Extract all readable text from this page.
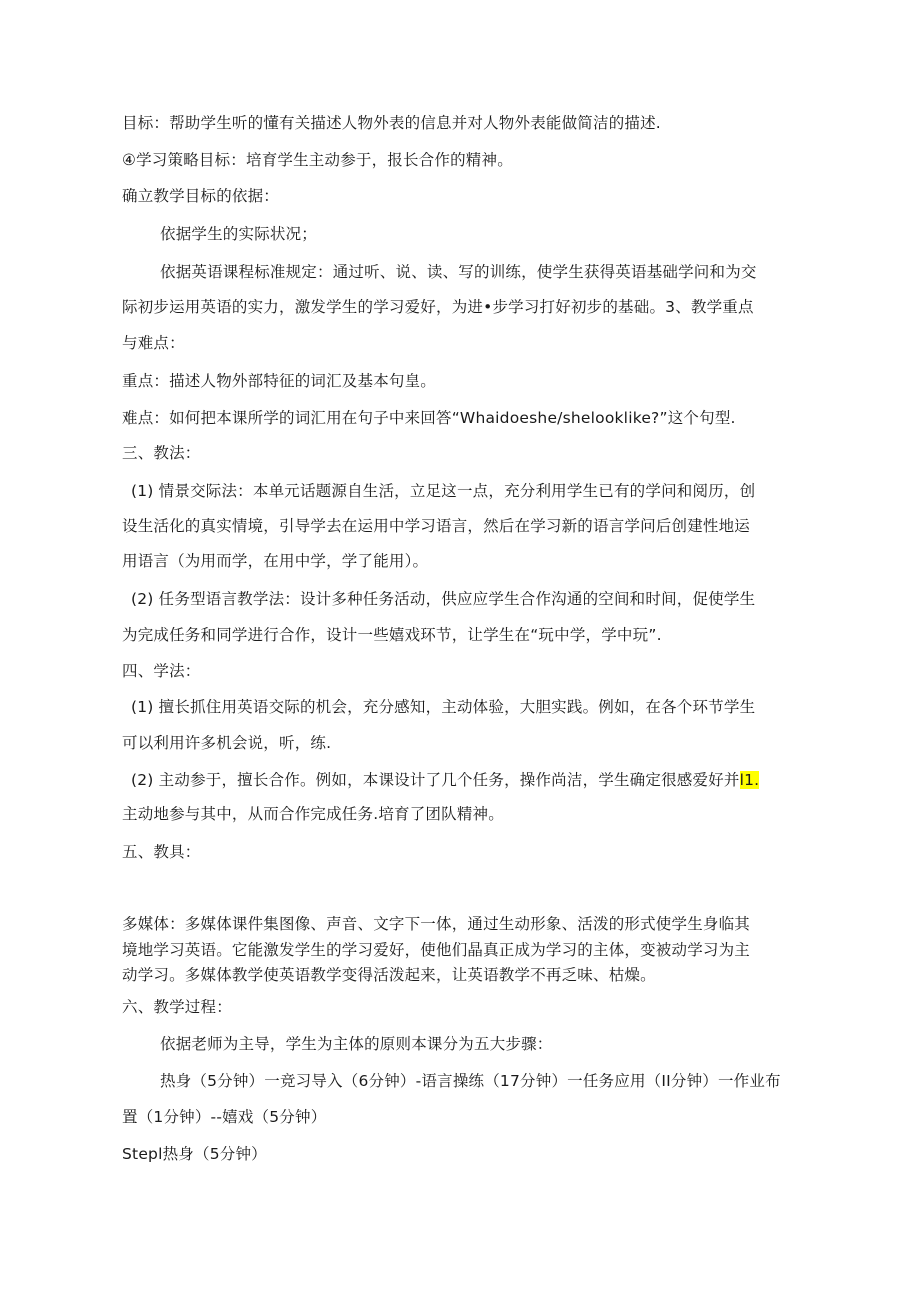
目标：帮助学生听的懂有关描述人物外表的信息并对人物外表能做简洁的描述.
④学习策略目标：培育学生主动参于，报长合作的精神。
确立教学目标的依据：
依据学生的实际状况；
依据英语课程标准规定：通过听、说、读、写的训练，使学生获得英语基础学问和为交
际初步运用英语的实力，激发学生的学习爱好，为进•步学习打好初步的基础。3、教学重点
与难点：
重点：描述人物外部特征的词汇及基本句皇。
难点：如何把本课所学的词汇用在句子中来回答“Whaidoeshe/shelooklike?”这个句型.
三、教法：
(1) 情景交际法：本单元话题源自生活，立足这一点，充分利用学生已有的学问和阅历，创
设生活化的真实情境，引导学去在运用中学习语言，然后在学习新的语言学问后创建性地运
用语言（为用而学，在用中学，学了能用）。
(2) 任务型语言教学法：设计多种任务活动，供应应学生合作沟通的空间和时间，促使学生
为完成任务和同学进行合作，设计一些嬉戏环节，让学生在“玩中学，学中玩”.
四、学法：
(1) 擅长抓住用英语交际的机会，充分感知，主动体验，大胆实践。例如，在各个环节学生
可以利用许多机会说，听，练.
(2) 主动参于，擅长合作。例如，本课设计了几个任务，操作尚洁，学生确定很感爱好并l1.
主动地参与其中，从而合作完成任务.培育了团队精神。
五、教具：
多媒体：多媒体课件集图像、声音、文字下一体，通过生动形象、活泼的形式使学生身临其
境地学习英语。它能激发学生的学习爱好，使他们晶真正成为学习的主体，变被动学习为主
动学习。多媒体教学使英语教学变得活泼起来，让英语教学不再乏味、枯燥。
六、教学过程：
依据老师为主导，学生为主体的原则本课分为五大步骤：
热身（5分钟）一竞习导入（6分钟）-语言操练（17分钟）一任务应用（II分钟）一作业布
置（1分钟）--嬉戏（5分钟）
Stepl热身（5分钟）
